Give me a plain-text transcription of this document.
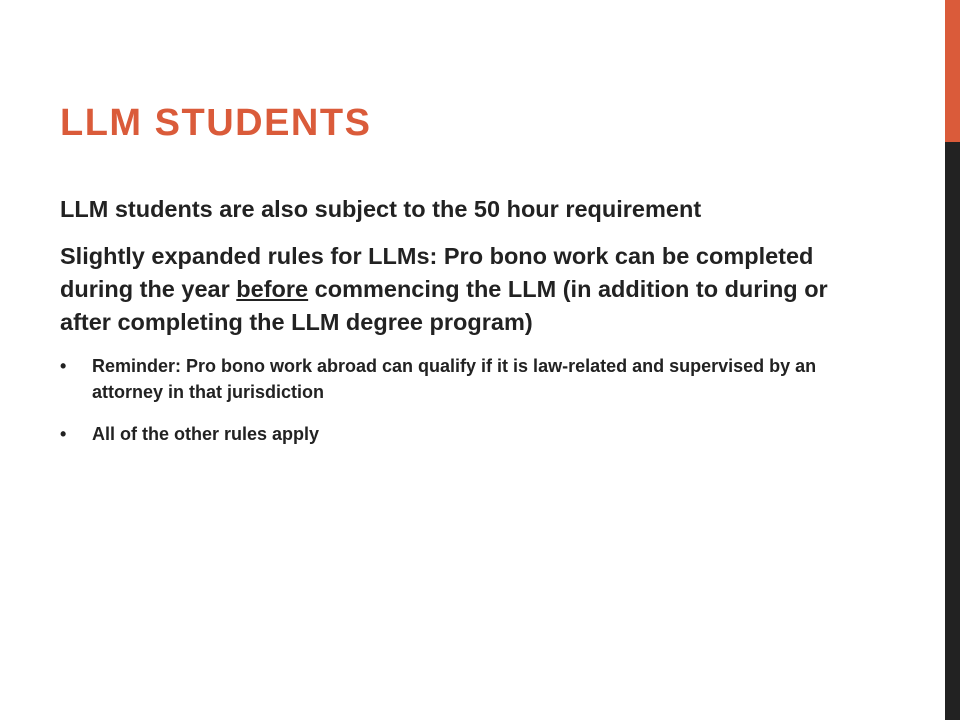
LLM STUDENTS

LLM students are also subject to the 50 hour requirement

Slightly expanded rules for LLMs: Pro bono work can be completed during the year before commencing the LLM (in addition to during or after completing the LLM degree program)

• Reminder: Pro bono work abroad can qualify if it is law-related and supervised by an attorney in that jurisdiction
• All of the other rules apply
